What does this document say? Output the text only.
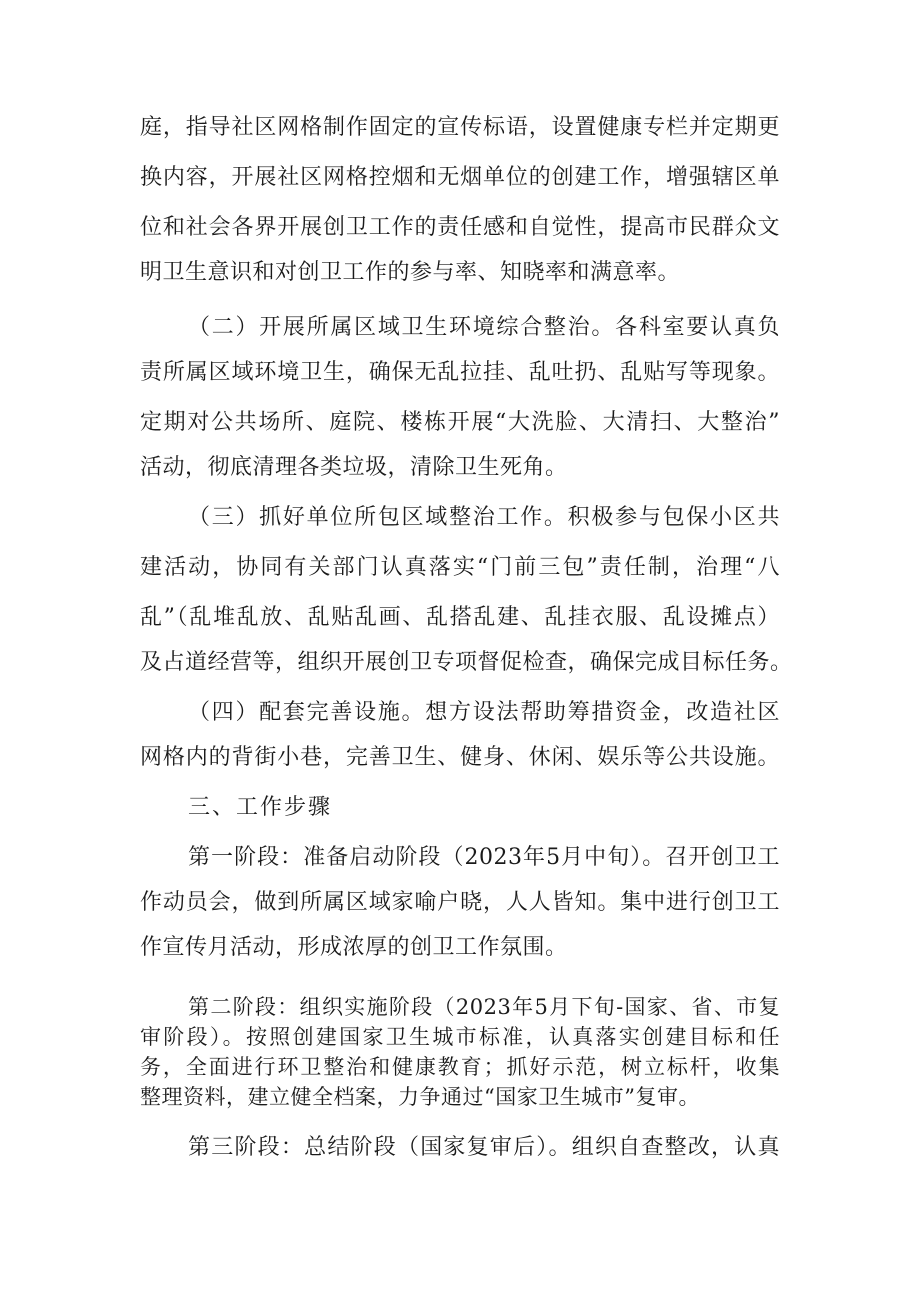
庭，指导社区网格制作固定的宣传标语，设置健康专栏并定期更
换内容，开展社区网格控烟和无烟单位的创建工作，增强辖区单
位和社会各界开展创卫工作的责任感和自觉性，提高市民群众文
明卫生意识和对创卫工作的参与率、知晓率和满意率。
（二）开展所属区域卫生环境综合整治。各科室要认真负
责所属区域环境卫生，确保无乱拉挂、乱吐扔、乱贴写等现象。
定期对公共场所、庭院、楼栋开展“大洗脸、大清扫、大整治”
活动，彻底清理各类垃圾，清除卫生死角。
（三）抓好单位所包区域整治工作。积极参与包保小区共
建活动，协同有关部门认真落实“门前三包”责任制，治理“八
乱”（乱堆乱放、乱贴乱画、乱搭乱建、乱挂衣服、乱设摊点）
及占道经营等，组织开展创卫专项督促检查，确保完成目标任务。
（四）配套完善设施。想方设法帮助筹措资金，改造社区
网格内的背街小巷，完善卫生、健身、休闲、娱乐等公共设施。
三、工作步骤
第一阶段：准备启动阶段（2023年5月中旬）。召开创卫工
作动员会，做到所属区域家喻户晓，人人皆知。集中进行创卫工
作宣传月活动，形成浓厚的创卫工作氛围。
第二阶段：组织实施阶段（2023年5月下旬-国家、省、市复
审阶段）。按照创建国家卫生城市标准，认真落实创建目标和任
务，全面进行环卫整治和健康教育；抓好示范，树立标杆，收集
整理资料，建立健全档案，力争通过“国家卫生城市”复审。
第三阶段：总结阶段（国家复审后）。组织自查整改，认真
